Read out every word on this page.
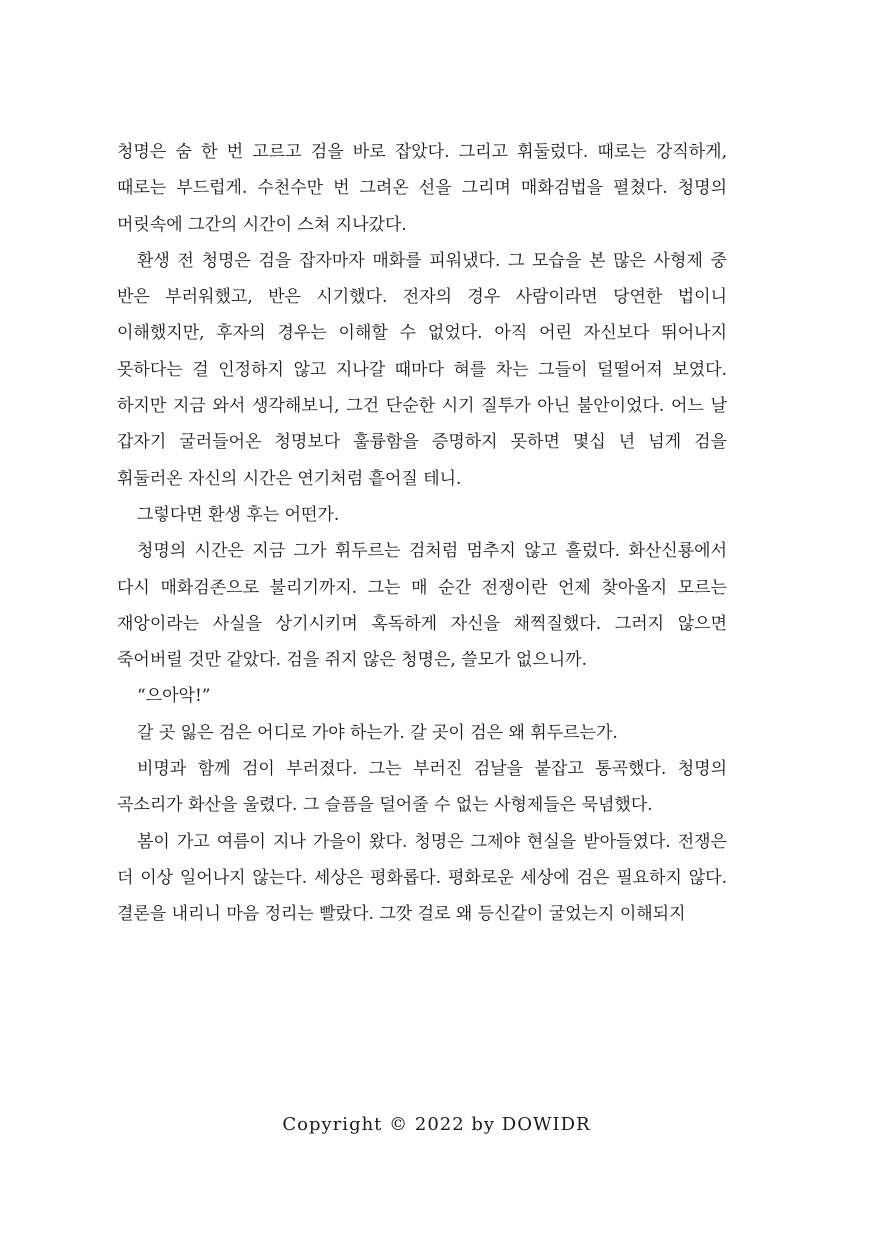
청명은 숨 한 번 고르고 검을 바로 잡았다. 그리고 휘둘렀다. 때로는 강직하게, 때로는 부드럽게. 수천수만 번 그려온 선을 그리며 매화검법을 펼쳤다. 청명의 머릿속에 그간의 시간이 스쳐 지나갔다.

환생 전 청명은 검을 잡자마자 매화를 피워냈다. 그 모습을 본 많은 사형제 중 반은 부러워했고, 반은 시기했다. 전자의 경우 사람이라면 당연한 법이니 이해했지만, 후자의 경우는 이해할 수 없었다. 아직 어린 자신보다 뛰어나지 못하다는 걸 인정하지 않고 지나갈 때마다 혀를 차는 그들이 덜떨어져 보였다. 하지만 지금 와서 생각해보니, 그건 단순한 시기 질투가 아닌 불안이었다. 어느 날 갑자기 굴러들어온 청명보다 훌륭함을 증명하지 못하면 몇십 년 넘게 검을 휘둘러온 자신의 시간은 연기처럼 흩어질 테니.

그렇다면 환생 후는 어떤가.

청명의 시간은 지금 그가 휘두르는 검처럼 멈추지 않고 흘렀다. 화산신룡에서 다시 매화검존으로 불리기까지. 그는 매 순간 전쟁이란 언제 찾아올지 모르는 재앙이라는 사실을 상기시키며 혹독하게 자신을 채찍질했다. 그러지 않으면 죽어버릴 것만 같았다. 검을 쥐지 않은 청명은, 쓸모가 없으니까.

“으아악!”

갈 곳 잃은 검은 어디로 가야 하는가. 갈 곳이 검은 왜 휘두르는가.

비명과 함께 검이 부러졌다. 그는 부러진 검날을 붙잡고 통곡했다. 청명의 곡소리가 화산을 울렸다. 그 슬픔을 덜어줄 수 없는 사형제들은 묵념했다.

봄이 가고 여름이 지나 가을이 왔다. 청명은 그제야 현실을 받아들였다. 전쟁은 더 이상 일어나지 않는다. 세상은 평화롭다. 평화로운 세상에 검은 필요하지 않다. 결론을 내리니 마음 정리는 빨랐다. 그깟 걸로 왜 등신같이 굴었는지 이해되지

Copyright © 2022 by DOWIDR
